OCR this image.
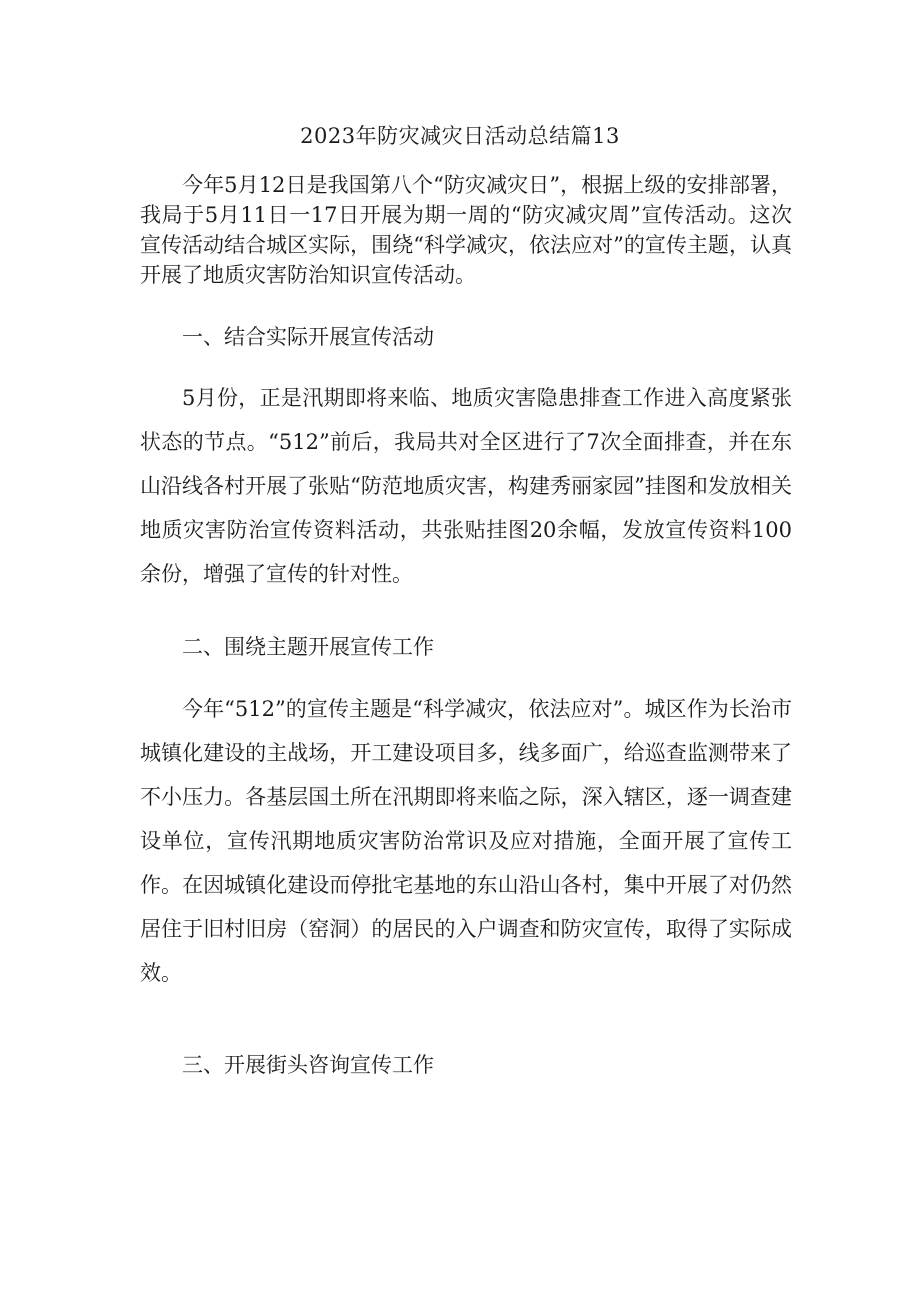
2023年防灾减灾日活动总结篇13

今年5月12日是我国第八个“防灾减灾日”，根据上级的安排部署，我局于5月11日一17日开展为期一周的“防灾减灾周”宣传活动。这次宣传活动结合城区实际，围绕“科学减灾，依法应对”的宣传主题，认真开展了地质灾害防治知识宣传活动。

一、结合实际开展宣传活动

5月份，正是汛期即将来临、地质灾害隐患排查工作进入高度紧张状态的节点。“512”前后，我局共对全区进行了7次全面排查，并在东山沿线各村开展了张贴“防范地质灾害，构建秀丽家园”挂图和发放相关地质灾害防治宣传资料活动，共张贴挂图20余幅，发放宣传资料100余份，增强了宣传的针对性。

二、围绕主题开展宣传工作

今年“512”的宣传主题是“科学减灾，依法应对”。城区作为长治市城镇化建设的主战场，开工建设项目多，线多面广，给巡查监测带来了不小压力。各基层国土所在汛期即将来临之际，深入辖区，逐一调查建设单位，宣传汛期地质灾害防治常识及应对措施，全面开展了宣传工作。在因城镇化建设而停批宅基地的东山沿山各村，集中开展了对仍然居住于旧村旧房（窑洞）的居民的入户调查和防灾宣传，取得了实际成效。

三、开展街头咨询宣传工作
